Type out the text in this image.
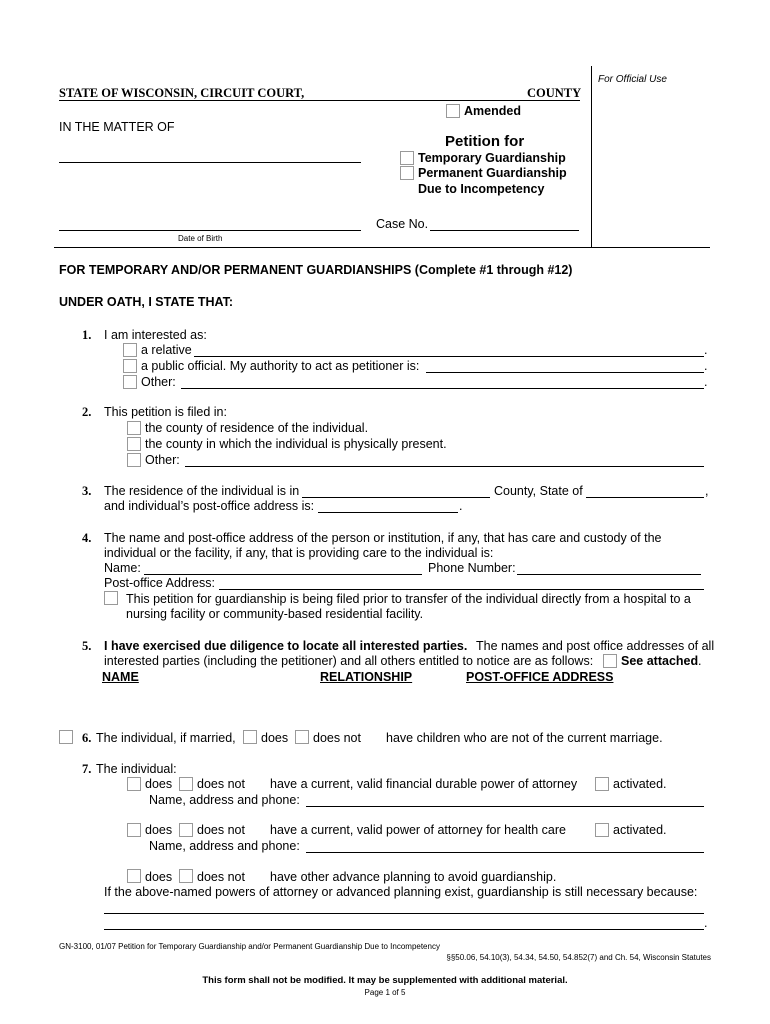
For Official Use
STATE OF WISCONSIN, CIRCUIT COURT,	COUNTY
Amended
IN THE MATTER OF
Petition for
Temporary Guardianship
Permanent Guardianship
Due to Incompetency
Date of Birth
Case No.
FOR TEMPORARY AND/OR PERMANENT GUARDIANSHIPS (Complete #1 through #12)
UNDER OATH, I STATE THAT:
1. I am interested as:
a relative	.
a public official. My authority to act as petitioner is:	.
Other:	.
2. This petition is filed in:
the county of residence of the individual.
the county in which the individual is physically present.
Other:
3. The residence of the individual is in	County, State of	,
and individual’s post-office address is:	.
4. The name and post-office address of the person or institution, if any, that has care and custody of the
individual or the facility, if any, that is providing care to the individual is:
Name:	Phone Number:
Post-office Address:
This petition for guardianship is being filed prior to transfer of the individual directly from a hospital to a
nursing facility or community-based residential facility.
5. I have exercised due diligence to locate all interested parties. The names and post office addresses of all
interested parties (including the petitioner) and all others entitled to notice are as follows: See attached .
NAME	RELATIONSHIP	POST-OFFICE ADDRESS
6. The individual, if married, does does not have children who are not of the current marriage.
7. The individual:
does does not have a current, valid financial durable power of attorney	activated.
Name, address and phone:
does does not have a current, valid power of attorney for health care	activated.
Name, address and phone:
does does not have other advance planning to avoid guardianship.
If the above-named powers of attorney or advanced planning exist, guardianship is still necessary because:
.
GN-3100, 01/07 Petition for Temporary Guardianship and/or Permanent Guardianship Due to Incompetency
§§50.06, 54.10(3), 54.34, 54.50, 54.852(7) and Ch. 54, Wisconsin Statutes
This form shall not be modified. It may be supplemented with additional material.
Page 1 of 5
